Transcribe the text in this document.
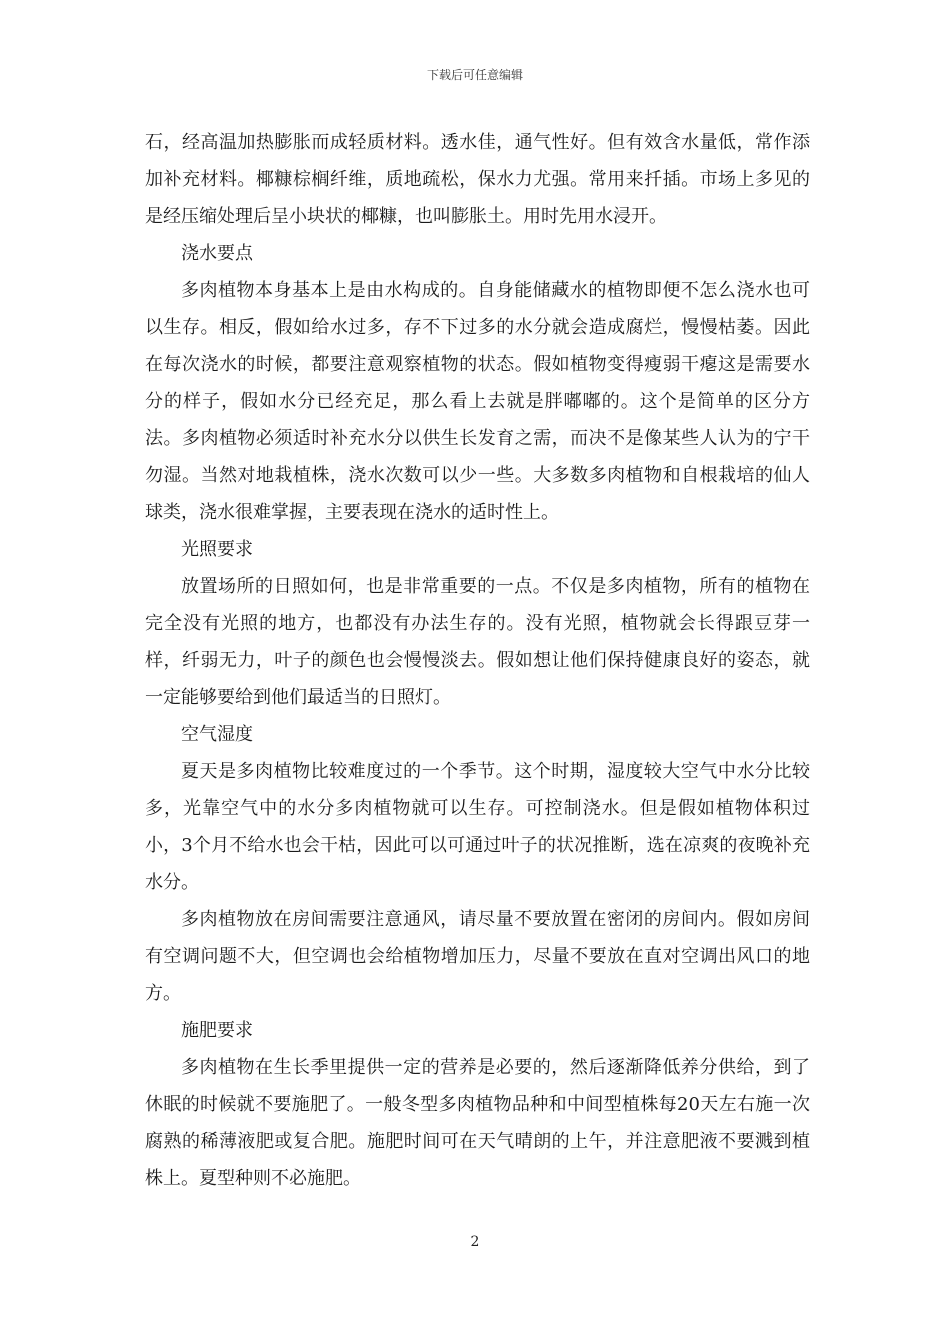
下载后可任意编辑

石，经高温加热膨胀而成轻质材料。透水佳，通气性好。但有效含水量低，常作添加补充材料。椰糠棕榈纤维，质地疏松，保水力尤强。常用来扦插。市场上多见的是经压缩处理后呈小块状的椰糠，也叫膨胀土。用时先用水浸开。

浇水要点

多肉植物本身基本上是由水构成的。自身能储藏水的植物即便不怎么浇水也可以生存。相反，假如给水过多，存不下过多的水分就会造成腐烂，慢慢枯萎。因此在每次浇水的时候，都要注意观察植物的状态。假如植物变得瘦弱干瘪这是需要水分的样子，假如水分已经充足，那么看上去就是胖嘟嘟的。这个是简单的区分方法。多肉植物必须适时补充水分以供生长发育之需，而决不是像某些人认为的宁干勿湿。当然对地栽植株，浇水次数可以少一些。大多数多肉植物和自根栽培的仙人球类，浇水很难掌握，主要表现在浇水的适时性上。

光照要求

放置场所的日照如何，也是非常重要的一点。不仅是多肉植物，所有的植物在完全没有光照的地方，也都没有办法生存的。没有光照，植物就会长得跟豆芽一样，纤弱无力，叶子的颜色也会慢慢淡去。假如想让他们保持健康良好的姿态，就一定能够要给到他们最适当的日照灯。

空气湿度

夏天是多肉植物比较难度过的一个季节。这个时期，湿度较大空气中水分比较多，光靠空气中的水分多肉植物就可以生存。可控制浇水。但是假如植物体积过小，3个月不给水也会干枯，因此可以可通过叶子的状况推断，选在凉爽的夜晚补充水分。

多肉植物放在房间需要注意通风，请尽量不要放置在密闭的房间内。假如房间有空调问题不大，但空调也会给植物增加压力，尽量不要放在直对空调出风口的地方。

施肥要求

多肉植物在生长季里提供一定的营养是必要的，然后逐渐降低养分供给，到了休眠的时候就不要施肥了。一般冬型多肉植物品种和中间型植株每20天左右施一次腐熟的稀薄液肥或复合肥。施肥时间可在天气晴朗的上午，并注意肥液不要溅到植株上。夏型种则不必施肥。

2
